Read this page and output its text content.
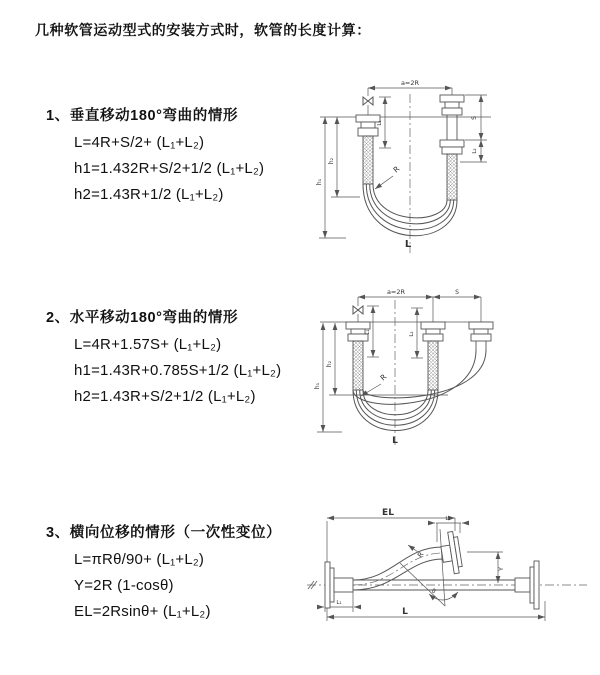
几种软管运动型式的安装方式时，软管的长度计算：
1、垂直移动180°弯曲的情形
L=4R+S/2+ (L₁+L₂)
h1=1.432R+S/2+1/2 (L₁+L₂)
h2=1.43R+1/2 (L₁+L₂)
2、水平移动180°弯曲的情形
L=4R+1.57S+ (L₁+L₂)
h1=1.43R+0.785S+1/2 (L₁+L₂)
h2=1.43R+S/2+1/2 (L₁+L₂)
3、横向位移的情形（一次性变位）
L=πRθ/90+ (L₁+L₂)
Y=2R (1-cosθ)
EL=2Rsinθ+ (L₁+L₂)
a=2R
S
L₂
L₁
h₁
h₂
R
L
a=2R	S
L₁	L₂
h₁
h₂
R
L
EL
L₂
Y
R
θ
L
L₁
